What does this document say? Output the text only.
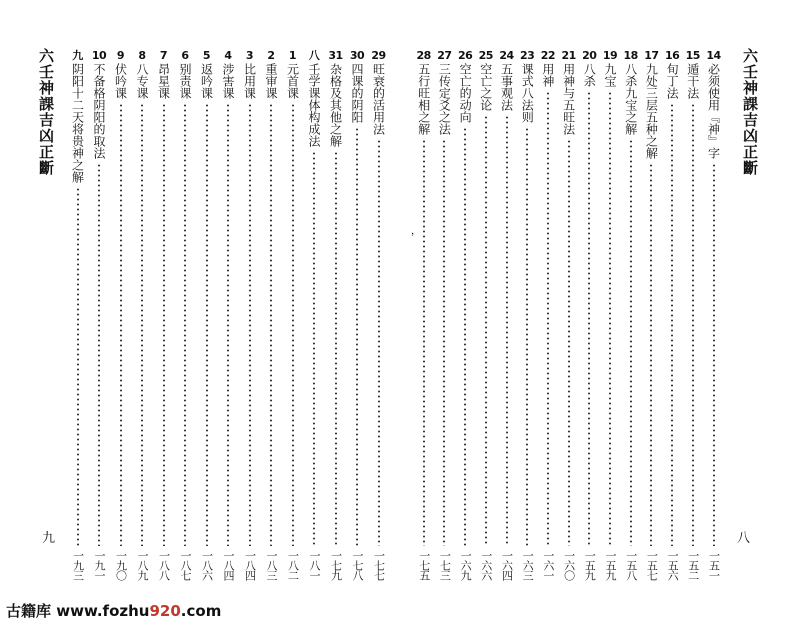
六壬神課吉凶正斷	29
旺衰的活用法
一七七
30
四课的阴阳
一七八
31
杂格及其他之解
一七九
八
壬学课体构成法
一八一
1
元首课
一八二
2
重审课
一八三
3
比用课
一八四
4
涉害课
一八四
5
返吟课
一八六
6
别责课
一八七
7
昂星课
一八八
8
八专课
一八九
9
伏吟课
一九〇
10
不备格阴阳的取法
一九一
九
阴阳十二天将贵神之解
一九三
九
六壬神課吉凶正斷
14
必须使用『神』字
一五一
15
遁干法
一五二
16
旬丁法
一五六
17
九处三层五种之解
一五七
18
八杀九宝之解
一五八
19
九宝
一五九
20
八杀
一五九
21
用神与五旺法
一六〇
22
用神
一六一
23
课式八法则
一六三
24
五事观法
一六四
25
空亡之论
一六六
26
空亡的动向
一六九
27
三传定爻之法
一七三
28
五行旺相之解
一七五
八
，
古籍库 www.fozhu920.com
